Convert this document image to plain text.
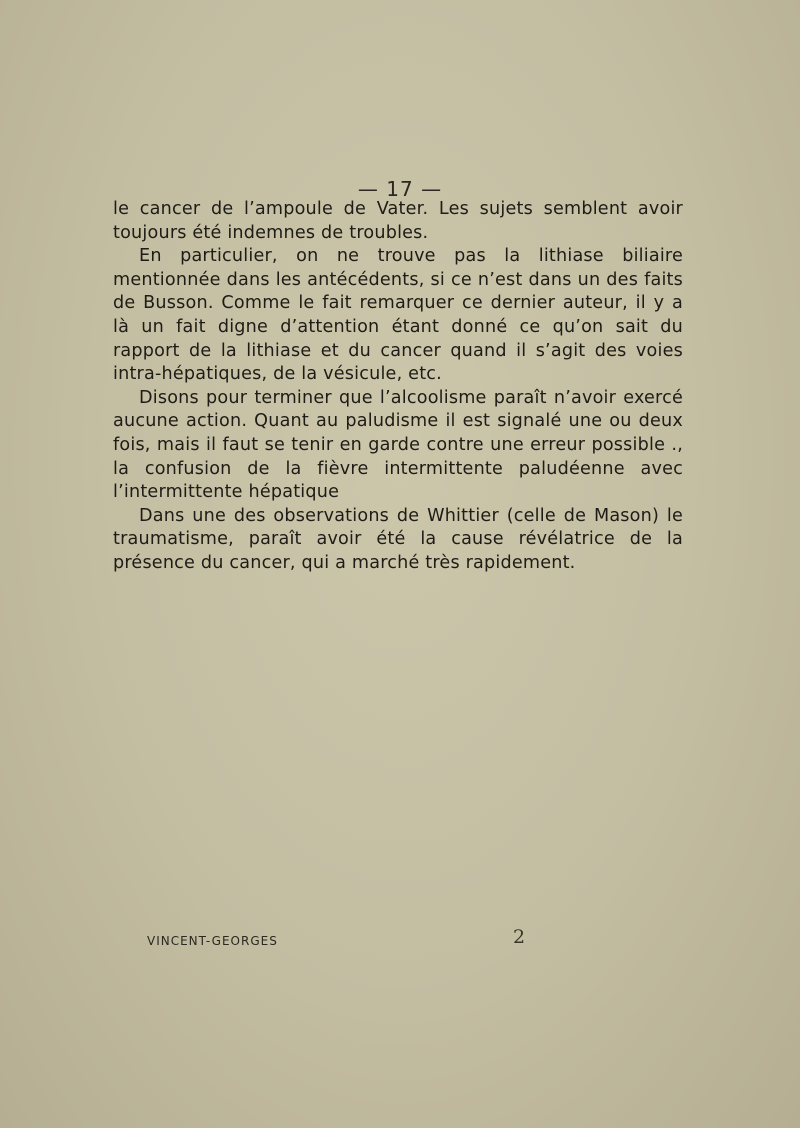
— 17 —

le cancer de l’ampoule de Vater. Les sujets semblent avoir toujours été indemnes de troubles.

En particulier, on ne trouve pas la lithiase biliaire mentionnée dans les antécédents, si ce n’est dans un des faits de Busson. Comme le fait remarquer ce dernier auteur, il y a là un fait digne d’attention étant donné ce qu’on sait du rapport de la lithiase et du cancer quand il s’agit des voies intra-hépatiques, de la vésicule, etc.

Disons pour terminer que l’alcoolisme paraît n’avoir exercé aucune action. Quant au paludisme il est signalé une ou deux fois, mais il faut se tenir en garde contre une erreur possible ., la confusion de la fièvre intermittente paludéenne avec l’intermittente hépatique

Dans une des observations de Whittier (celle de Mason) le traumatisme, paraît avoir été la cause révélatrice de la présence du cancer, qui a marché très rapidement.

VINCENT-GEORGES	2
